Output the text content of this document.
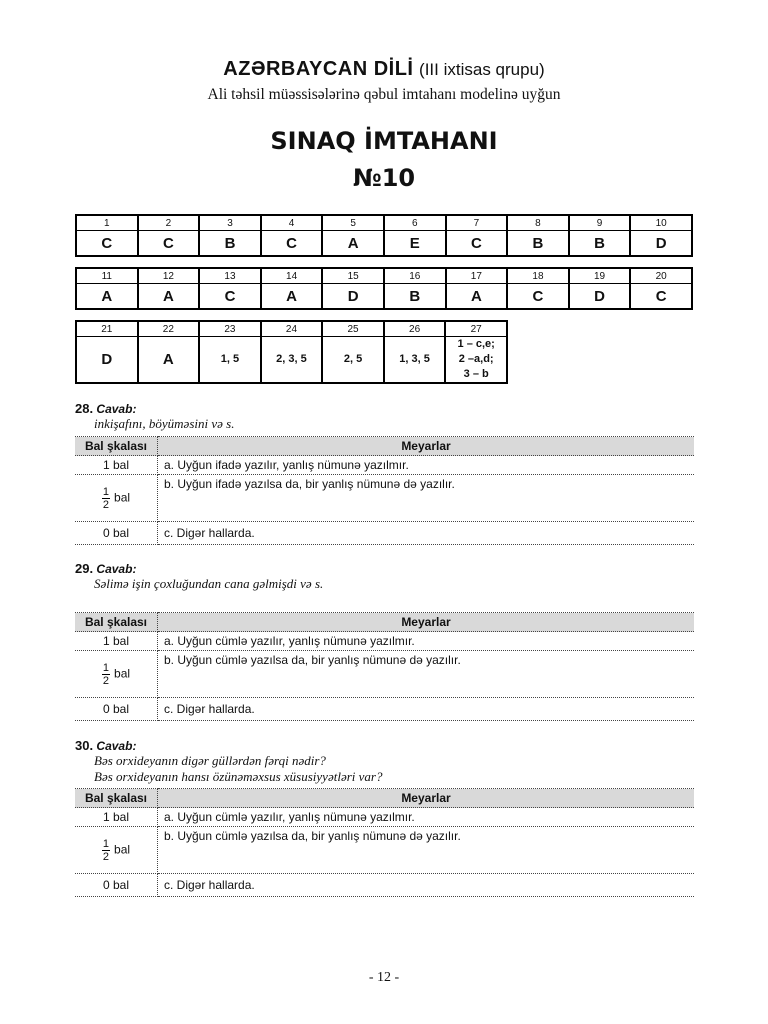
AZƏRBAYCAN DİLİ (III ixtisas qrupu)
Ali təhsil müəssisələrinə qəbul imtahanı modelinə uyğun
SINAQ İMTAHANI
№10
1	2	3	4	5	6	7	8	9	10
C	C	B	C	A	E	C	B	B	D
11	12	13	14	15	16	17	18	19	20
A	A	C	A	D	B	A	C	D	C
21	22	23	24	25	26	27
D	A	1, 5	2, 3, 5	2, 5	1, 3, 5	1 – c,e;
2 –a,d;
3 – b
28. Cavab:
inkişafını, böyüməsini və s.
Bal şkalası	Meyarlar
1 bal	a. Uyğun ifadə yazılır, yanlış nümunə yazılmır.

$\frac{1}{2}$ bal	b. Uyğun ifadə yazılsa da, bir yanlış nümunə də yazılır.
0 bal	c. Digər hallarda.
29. Cavab:
Səlimə işin çoxluğundan cana gəlmişdi və s.
Bal şkalası	Meyarlar
1 bal	a. Uyğun cümlə yazılır, yanlış nümunə yazılmır.

$\frac{1}{2}$ bal	b. Uyğun cümlə yazılsa da, bir yanlış nümunə də yazılır.
0 bal	c. Digər hallarda.
30. Cavab:
Bəs orxideyanın digər güllərdən fərqi nədir?
Bəs orxideyanın hansı özünəməxsus xüsusiyyətləri var?
Bal şkalası	Meyarlar
1 bal	a. Uyğun cümlə yazılır, yanlış nümunə yazılmır.

$\frac{1}{2}$ bal	b. Uyğun cümlə yazılsa da, bir yanlış nümunə də yazılır.
0 bal	c. Digər hallarda.
- 12 -
